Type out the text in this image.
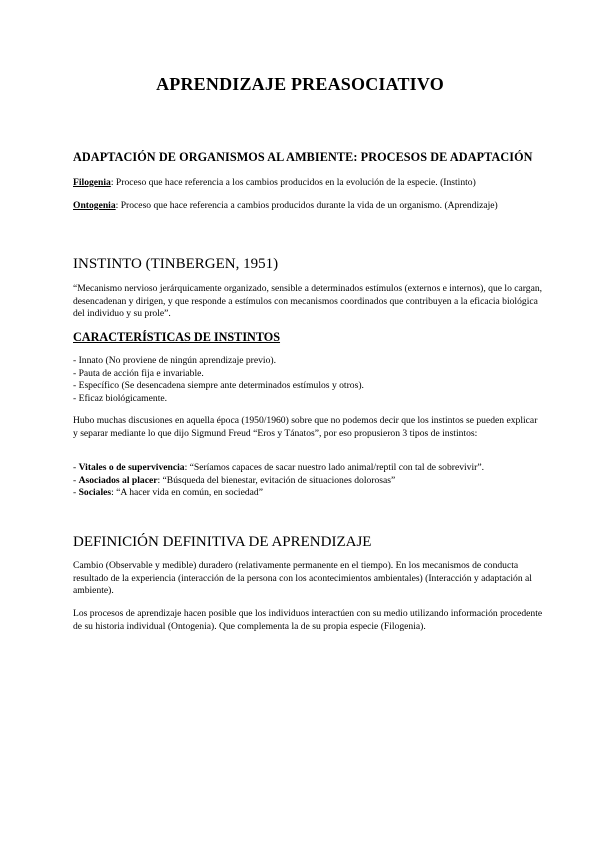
APRENDIZAJE PREASOCIATIVO
ADAPTACIÓN DE ORGANISMOS AL AMBIENTE: PROCESOS DE ADAPTACIÓN
Filogenia: Proceso que hace referencia a los cambios producidos en la evolución de la especie. (Instinto)
Ontogenia: Proceso que hace referencia a cambios producidos durante la vida de un organismo. (Aprendizaje)
INSTINTO (TINBERGEN, 1951)
“Mecanismo nervioso jerárquicamente organizado, sensible a determinados estímulos (externos e internos), que lo cargan, desencadenan y dirigen, y que responde a estímulos con mecanismos coordinados que contribuyen a la eficacia biológica del individuo y su prole”.
CARACTERÍSTICAS DE INSTINTOS
- Innato (No proviene de ningún aprendizaje previo).
- Pauta de acción fija e invariable.
- Específico (Se desencadena siempre ante determinados estímulos y otros).
- Eficaz biológicamente.
Hubo muchas discusiones en aquella época (1950/1960) sobre que no podemos decir que los instintos se pueden explicar y separar mediante lo que dijo Sigmund Freud “Eros y Tánatos”, por eso propusieron 3 tipos de instintos:
- Vitales o de supervivencia: “Seríamos capaces de sacar nuestro lado animal/reptil con tal de sobrevivir”.
- Asociados al placer: “Búsqueda del bienestar, evitación de situaciones dolorosas”
- Sociales: “A hacer vida en común, en sociedad”
DEFINICIÓN DEFINITIVA DE APRENDIZAJE
Cambio (Observable y medible) duradero (relativamente permanente en el tiempo). En los mecanismos de conducta resultado de la experiencia (interacción de la persona con los acontecimientos ambientales) (Interacción y adaptación al ambiente).
Los procesos de aprendizaje hacen posible que los individuos interactúen con su medio utilizando información procedente de su historia individual (Ontogenia). Que complementa la de su propia especie (Filogenia).
